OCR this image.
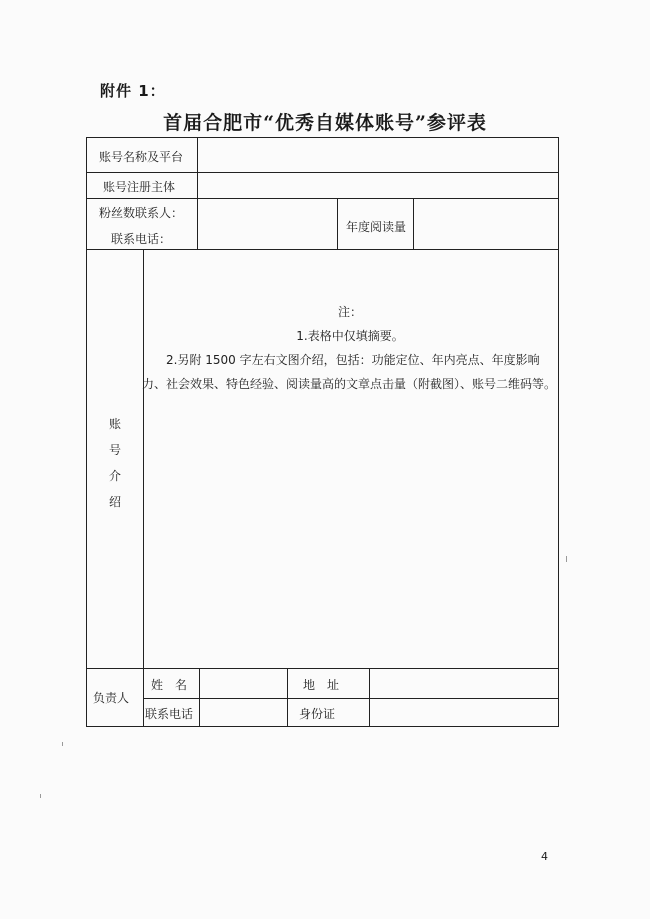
附件 1：
首届合肥市“优秀自媒体账号”参评表
账号名称及平台
账号注册主体
粉丝数联系人：
联系电话：
年度阅读量
账
号
介
绍
负责人
姓　名	地　址
联系电话	身份证

注：

1.表格中仅填摘要。

2.另附 1500 字左右文图介绍，包括：功能定位、年内亮点、年度影响力、社会效果、特色经验、阅读量高的文章点击量（附截图）、账号二维码等。

4
